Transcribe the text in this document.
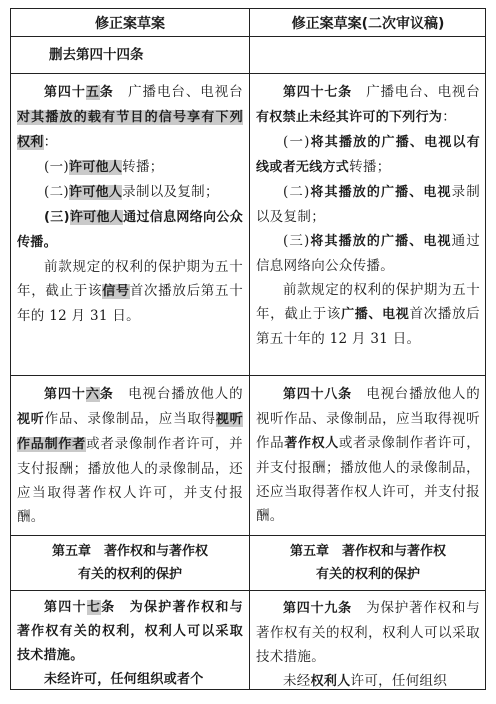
修正案草案	修正案草案(二次审议稿)
删去第四十四条

第四十五条　 广播电台、电视台对其播放的载有节目的信号享有下列权利：

(一)许可他人转播；

(二)许可他人录制以及复制；

(三)许可他人通过信息网络向公众传播。

前款规定的权利的保护期为五十年，截止于该信号首次播放后第五十年的 12 月 31 日。

第四十七条　 广播电台、电视台有权禁止未经其许可的下列行为：

(一)将其播放的广播、电视以有线或者无线方式转播；

(二)将其播放的广播、电视录制以及复制；

(三)将其播放的广播、电视通过信息网络向公众传播。

前款规定的权利的保护期为五十年，截止于该广播、电视首次播放后第五十年的 12 月 31 日。

第四十六条　 电视台播放他人的视听作品、录像制品，应当取得视听作品制作者或者录像制作者许可，并支付报酬；播放他人的录像制品，还应当取得著作权人许可，并支付报酬。

第四十八条　 电视台播放他人的视听作品、录像制品，应当取得视听作品著作权人或者录像制作者许可，并支付报酬；播放他人的录像制品，还应当取得著作权人许可，并支付报酬。

第五章　著作权和与著作权

有关的权利的保护

第五章　著作权和与著作权

有关的权利的保护

第四十七条　 为保护著作权和与著作权有关的权利，权利人可以采取技术措施。

未经许可，任何组织或者个

第四十九条　 为保护著作权和与著作权有关的权利，权利人可以采取技术措施。

未经权利人许可，任何组织
